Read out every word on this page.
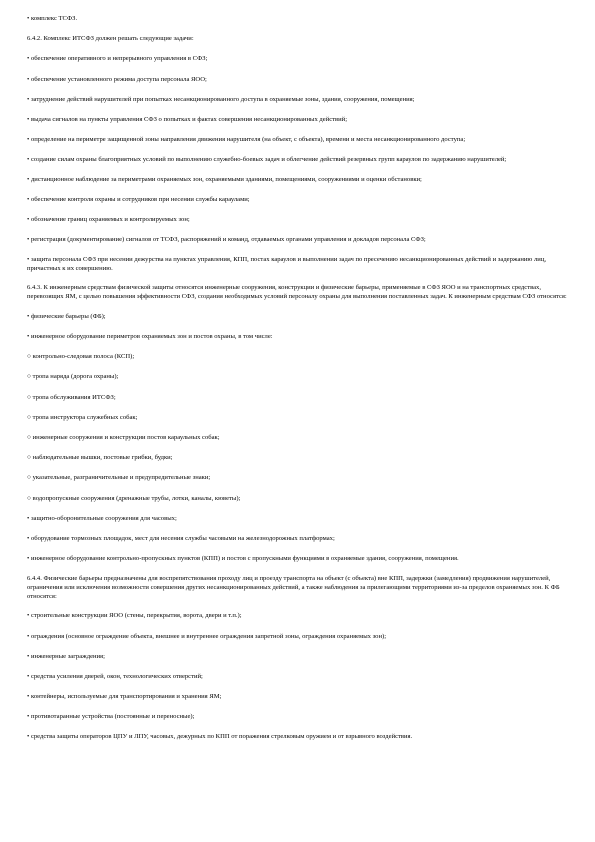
• комплекс ТСФЗ.

6.4.2. Комплекс ИТСФЗ должен решать следующие задачи:

• обеспечение оперативного и непрерывного управления в СФЗ;

• обеспечение установленного режима доступа персонала ЯОО;

• затруднение действий нарушителей при попытках несанкционированного доступа в охраняемые зоны, здания, сооружения, помещения;

• выдача сигналов на пункты управления СФЗ о попытках и фактах совершения несанкционированных действий;

• определение на периметре защищенной зоны направления движения нарушителя (на объект, с объекта), времени и места несанкционированного доступа;

• создание силам охраны благоприятных условий по выполнению служебно-боевых задач и облегчение действий резервных групп караулов по задержанию нарушителей;

• дистанционное наблюдение за периметрами охраняемых зон, охраняемыми зданиями, помещениями, сооружениями и оценки обстановки;

• обеспечение контроля охраны и сотрудников при несении службы караулами;

• обозначение границ охраняемых и контролируемых зон;

• регистрация (документирование) сигналов от ТСФЗ, распоряжений и команд, отдаваемых органами управления и докладов персонала СФЗ;

• защита персонала СФЗ при несении дежурства на пунктах управления, КПП, постах караулов и выполнении задач по пресечению несанкционированных действий и задержанию лиц, причастных к их совершению.

6.4.3. К инженерным средствам физической защиты относятся инженерные сооружения, конструкции и физические барьеры, применяемые в СФЗ ЯОО и на транспортных средствах, перевозящих ЯМ, с целью повышения эффективности СФЗ, создания необходимых условий персоналу охраны для выполнения поставленных задач. К инженерным средствам СФЗ относятся:

• физические барьеры (ФБ);

• инженерное оборудование периметров охраняемых зон и постов охраны, в том числе:

○ контрольно-следовая полоса (КСП);

○ тропа наряда (дорога охраны);

○ тропа обслуживания ИТСФЗ;

○ тропа инструктора служебных собак;

○ инженерные сооружения и конструкции постов караульных собак;

○ наблюдательные вышки, постовые грибки, будки;

○ указательные, разграничительные и предупредительные знаки;

○ водопропускные сооружения (дренажные трубы, лотки, каналы, кюветы);

• защитно-оборонительные сооружения для часовых;

• оборудование тормозных площадок, мест для несения службы часовыми на железнодорожных платформах;

• инженерное оборудование контрольно-пропускных пунктов (КПП) и постов с пропускными функциями в охраняемые здания, сооружения, помещения.

6.4.4. Физические барьеры предназначены для воспрепятствования проходу лиц и проезду транспорта на объект (с объекта) вне КПП, задержки (замедления) продвижения нарушителей, ограничения или исключения возможности совершения других несанкционированных действий, а также наблюдения за прилегающими территориями из-за пределов охраняемых зон. К ФБ относятся:

• строительные конструкции ЯОО (стены, перекрытия, ворота, двери и т.п.);

• ограждения (основное ограждение объекта, внешнее и внутреннее ограждения запретной зоны, ограждения охраняемых зон);

• инженерные заграждения;

• средства усиления дверей, окон, технологических отверстий;

• контейнеры, используемые для транспортирования и хранения ЯМ;

• противотаранные устройства (постоянные и переносные);

• средства защиты операторов ЦПУ и ЛПУ, часовых, дежурных по КПП от поражения стрелковым оружием и от взрывного воздействия.
